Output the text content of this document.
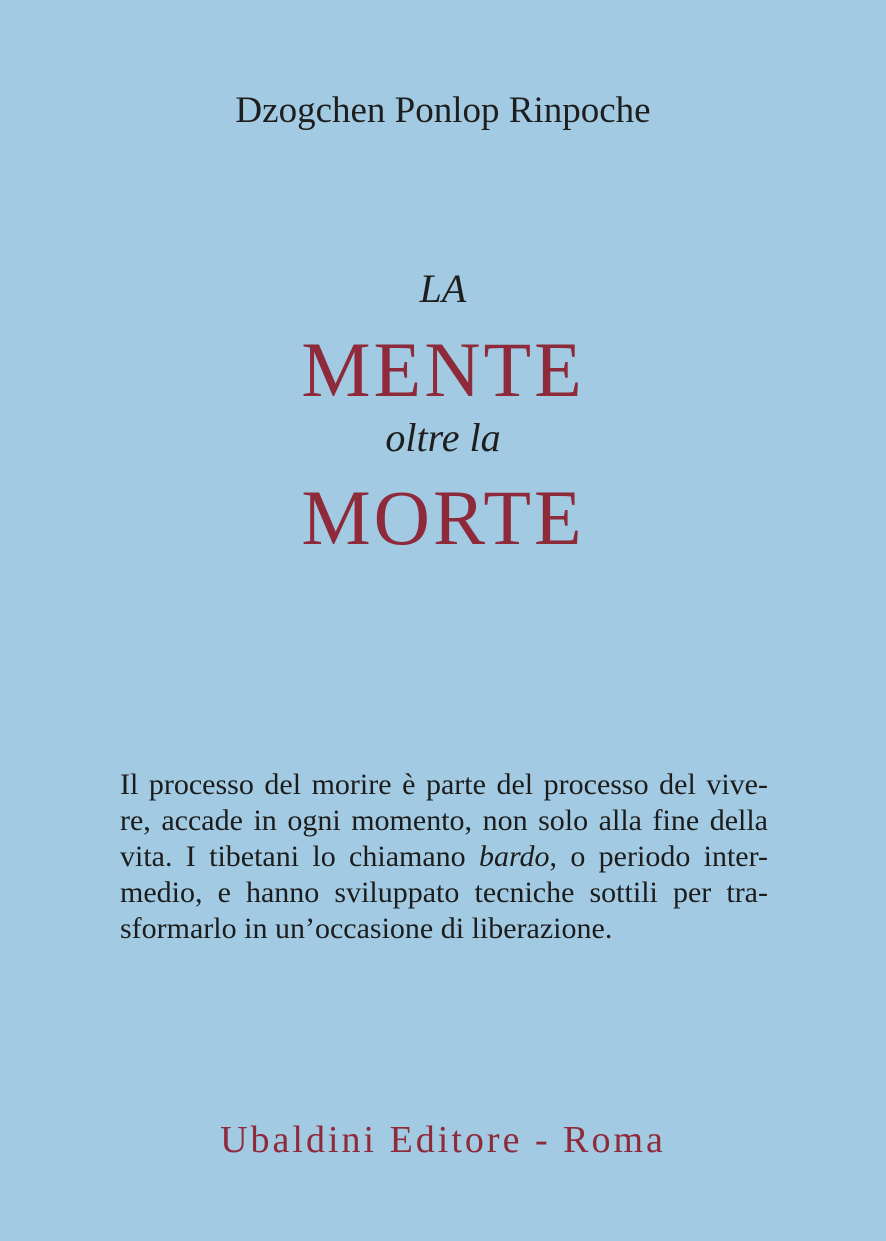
Dzogchen Ponlop Rinpoche
LA
MENTE
oltre la
MORTE
Il processo del morire è parte del processo del vive-
re, accade in ogni momento, non solo alla fine della
vita. I tibetani lo chiamano bardo, o periodo inter-
medio, e hanno sviluppato tecniche sottili per tra-
sformarlo in un’occasione di liberazione.
Ubaldini Editore - Roma
